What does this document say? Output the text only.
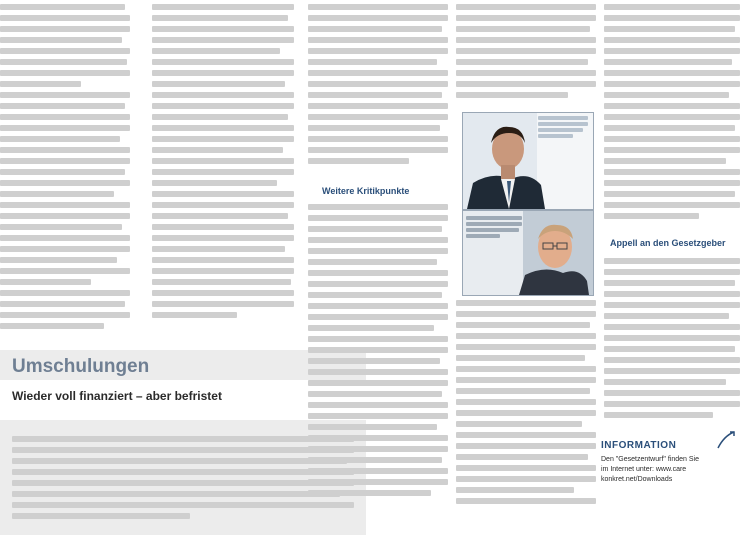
Umschulungen
Wieder voll finanziert – aber befristet
Weitere Kritikpunkte
Appell an den Gesetzgeber
INFORMATION
Den "Gesetzentwurf" finden Sie
im Internet unter: www.care
konkret.net/Downloads
